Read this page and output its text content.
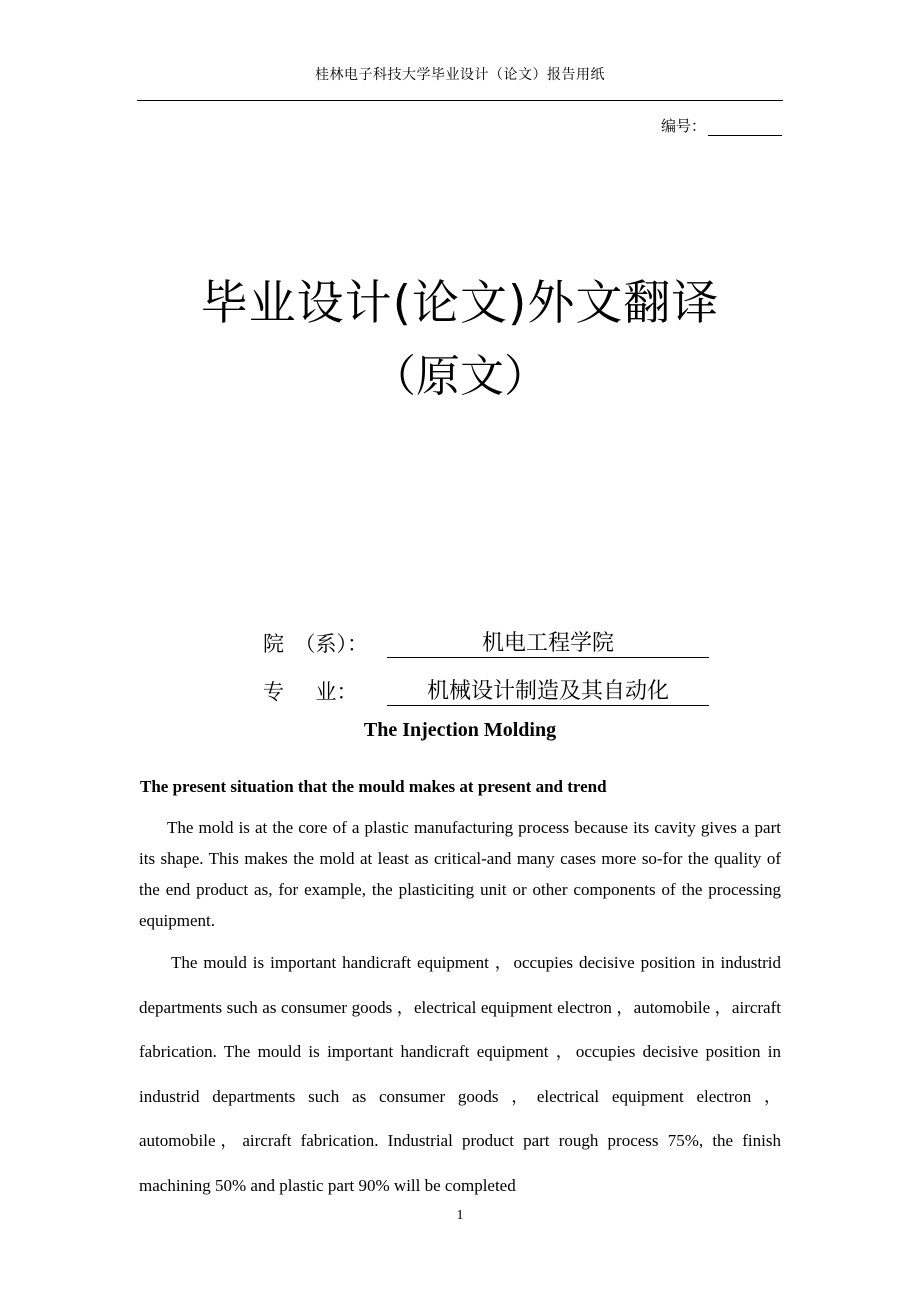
桂林电子科技大学毕业设计（论文）报告用纸
编号：
毕业设计(论文)外文翻译
（原文）
院  （系）：	机电工程学院
专      业：	机械设计制造及其自动化
The Injection Molding
The present situation that the mould makes at present and trend
The mold is at the core of a plastic manufacturing process because its cavity gives a part its shape. This makes the mold at least as critical-and many cases more so-for the quality of the end product as, for example, the plasticiting unit or other components of the processing equipment.
The mould is important handicraft equipment ，occupies decisive position in industrid departments such as consumer goods ，electrical equipment electron ，automobile ，aircraft fabrication. The mould is important handicraft equipment ，occupies decisive position in industrid departments such as consumer goods ，electrical equipment electron ，automobile，aircraft fabrication. Industrial product part rough process 75%, the finish machining 50% and plastic part 90% will be completed
1
